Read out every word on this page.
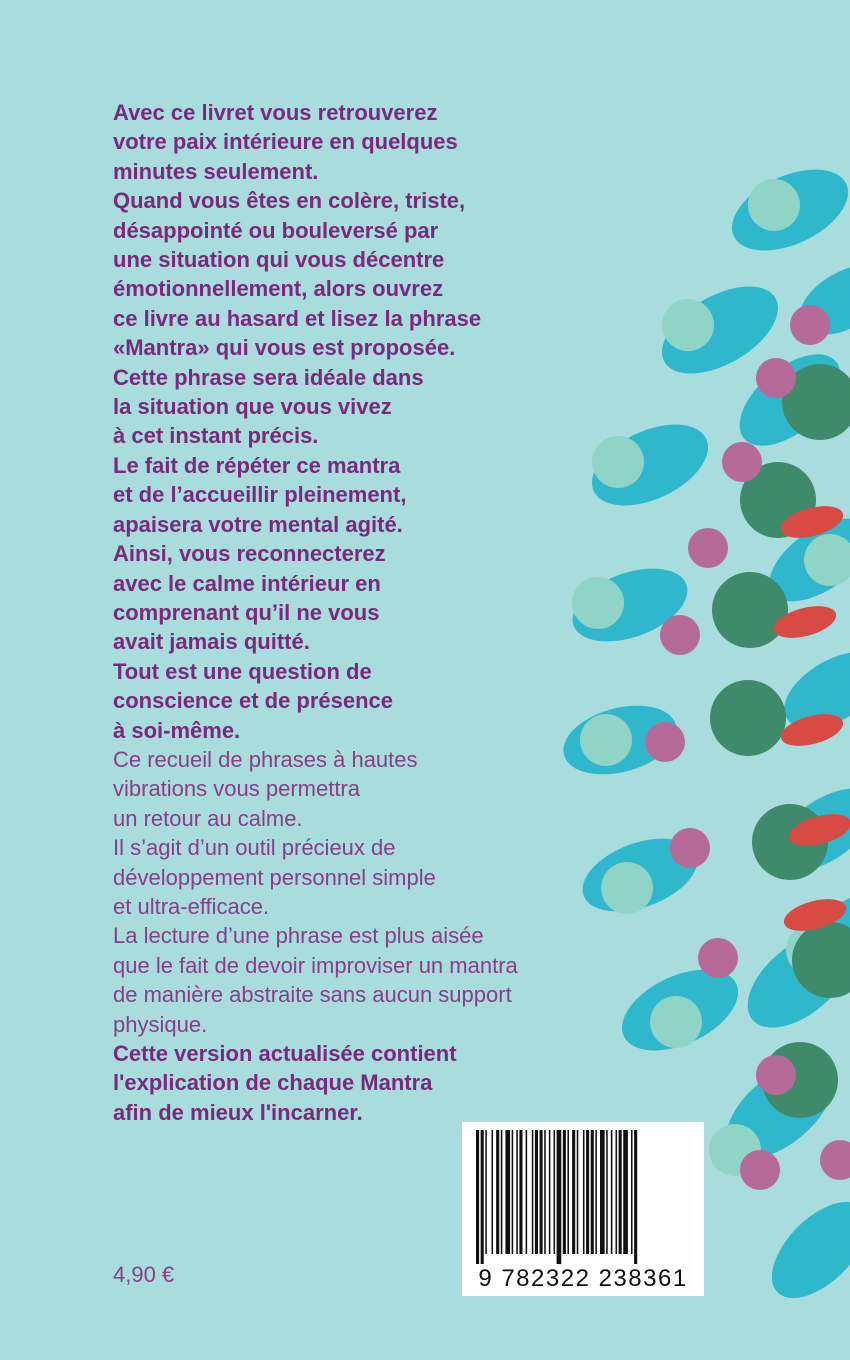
Avec ce livret vous retrouverez
votre paix intérieure en quelques
minutes seulement.

Quand vous êtes en colère, triste,
désappointé ou bouleversé par
une situation qui vous décentre
émotionnellement, alors ouvrez
ce livre au hasard et lisez la phrase
«Mantra» qui vous est proposée.

Cette phrase sera idéale dans
la situation que vous vivez
à cet instant précis.

Le fait de répéter ce mantra
et de l’accueillir pleinement,
apaisera votre mental agité.

Ainsi, vous reconnecterez
avec le calme intérieur en
comprenant qu’il ne vous
avait jamais quitté.

Tout est une question de
conscience et de présence
à soi-même.

Ce recueil de phrases à hautes
vibrations vous permettra
un retour au calme.

Il s’agit d’un outil précieux de
développement personnel simple
et ultra-efficace.

La lecture d’une phrase est plus aisée
que le fait de devoir improviser un mantra
de manière abstraite sans aucun support
physique.

Cette version actualisée contient
l'explication de chaque Mantra
afin de mieux l'incarner.

4,90 €	9 782322 238361
